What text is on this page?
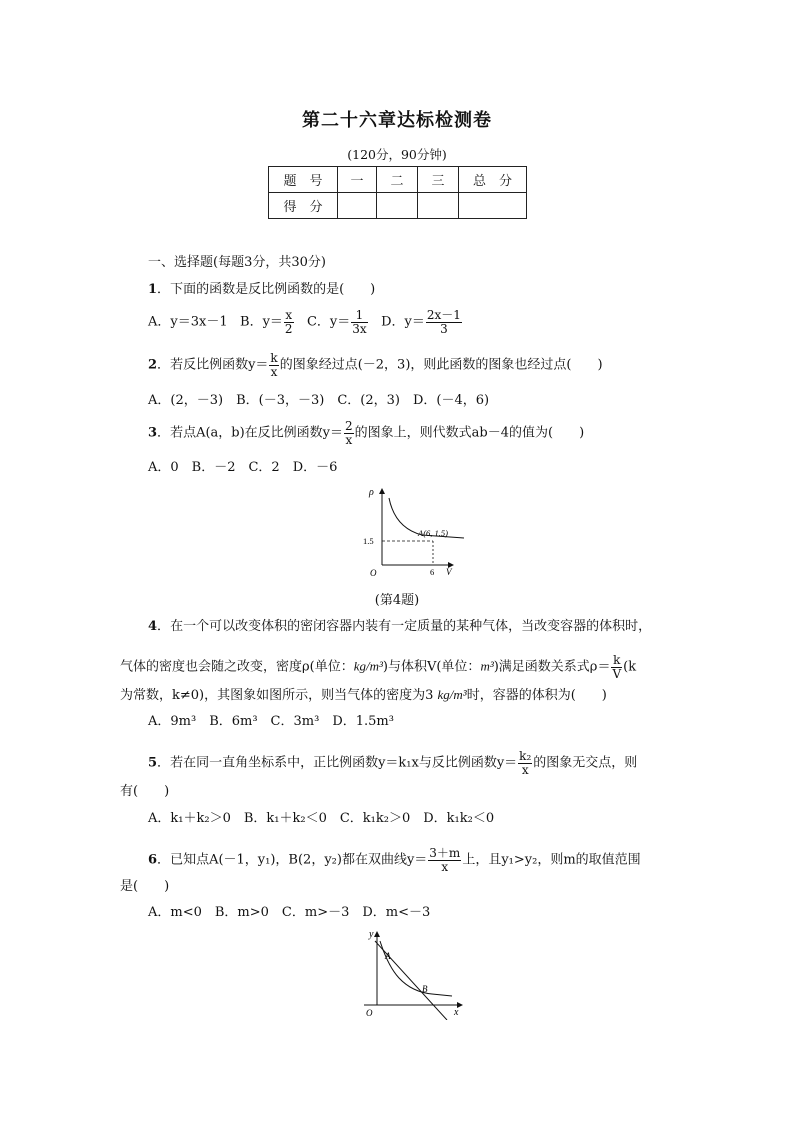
第二十六章达标检测卷
(120分，90分钟)
题　号	一	二	三	总　分
得　分				
一、选择题(每题3分，共30分)
1．下面的函数是反比例函数的是(　　)
A．y＝3x－1 B．$y= \frac{x}{2}$ C．$y= \frac{1}{3x}$ D．$y= \frac{2x-1}{3}$
2．若反比例函数$y= \frac{k}{x}$ 的图象经过点(－2，3)，则此函数的图象也经过点(　　)
A．(2，－3)　B．(－3，－3)　C．(2，3)　D．(－4，6)
3．若点A(a，b)在反比例函数$y= \frac{2}{x}$ 的图象上，则代数式ab－4的值为(　　)
A．0　B．－2　C．2　D．－6
ρ
V
O
1.5
6
A(6, 1.5)
(第4题)
4．在一个可以改变体积的密闭容器内装有一定质量的某种气体，当改变容器的体积时，
气体的密度也会随之改变，密度ρ(单位：kg/m³)与体积V(单位：m³)满足函数关系式$\rho= \frac{k}{V} (k$
为常数，k≠0)，其图象如图所示，则当气体的密度为3 kg/m³时，容器的体积为(　　)
A．9m³　B．6m³　C．3m³　D．1.5m³
5．若在同一直角坐标系中，正比例函数y＝k₁x与反比例函数$y= \frac{\text{k₂}}{x}$ 的图象无交点，则
有(　　)
A．k₁＋k₂＞0　B．k₁＋k₂＜0　C．k₁k₂＞0　D．k₁k₂＜0
6．已知点A(－1，y₁)，B(2，y₂)都在双曲线$y= \frac{3+m}{x}$ 上，且y₁>y₂，则m的取值范围
是(　　)
A．m<0　B．m>0　C．m>－3　D．m<－3
y
x
O
A
B
